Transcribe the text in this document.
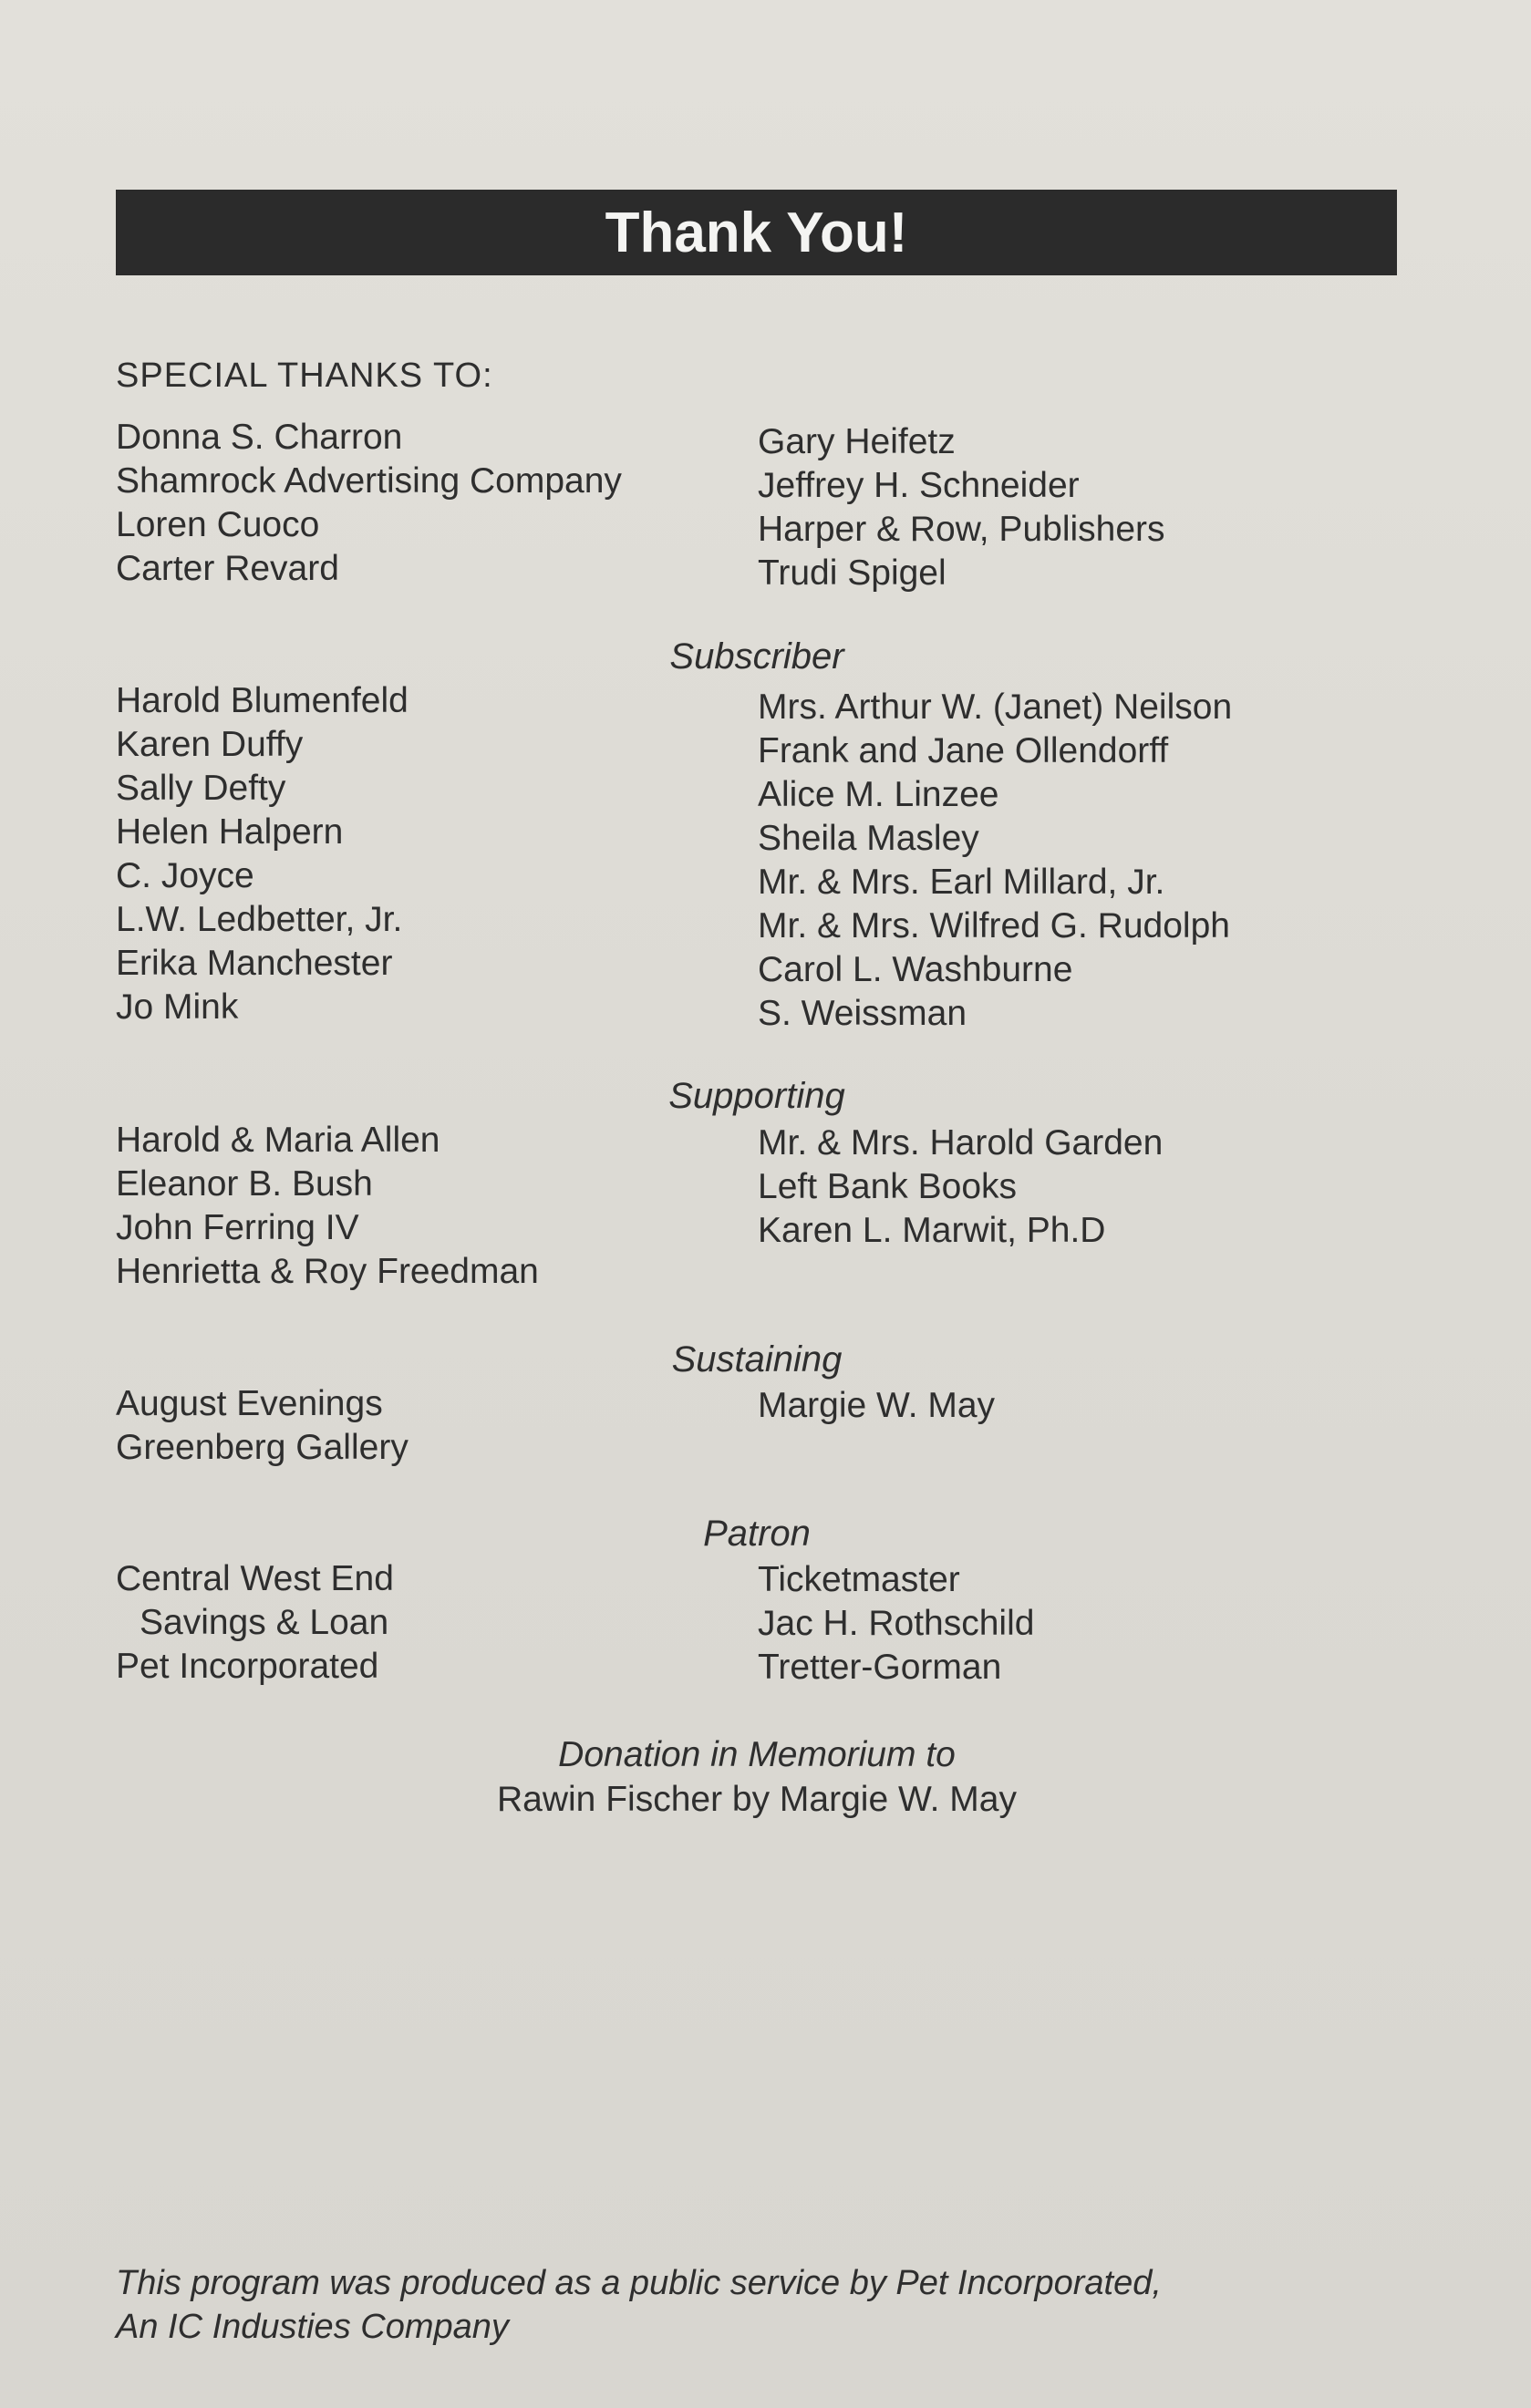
Thank You!
SPECIAL THANKS TO:
Donna S. Charron
Shamrock Advertising Company
Loren Cuoco
Carter Revard
Gary Heifetz
Jeffrey H. Schneider
Harper & Row, Publishers
Trudi Spigel
Subscriber
Harold Blumenfeld
Karen Duffy
Sally Defty
Helen Halpern
C. Joyce
L.W. Ledbetter, Jr.
Erika Manchester
Jo Mink
Mrs. Arthur W. (Janet) Neilson
Frank and Jane Ollendorff
Alice M. Linzee
Sheila Masley
Mr. & Mrs. Earl Millard, Jr.
Mr. & Mrs. Wilfred G. Rudolph
Carol L. Washburne
S. Weissman
Supporting
Harold & Maria Allen
Eleanor B. Bush
John Ferring IV
Henrietta & Roy Freedman
Mr. & Mrs. Harold Garden
Left Bank Books
Karen L. Marwit, Ph.D
Sustaining
August Evenings
Greenberg Gallery
Margie W. May
Patron
Central West End
Savings & Loan
Pet Incorporated
Ticketmaster
Jac H. Rothschild
Tretter-Gorman
Donation in Memorium to
Rawin Fischer by Margie W. May
This program was produced as a public service by Pet Incorporated,
An IC Industies Company
